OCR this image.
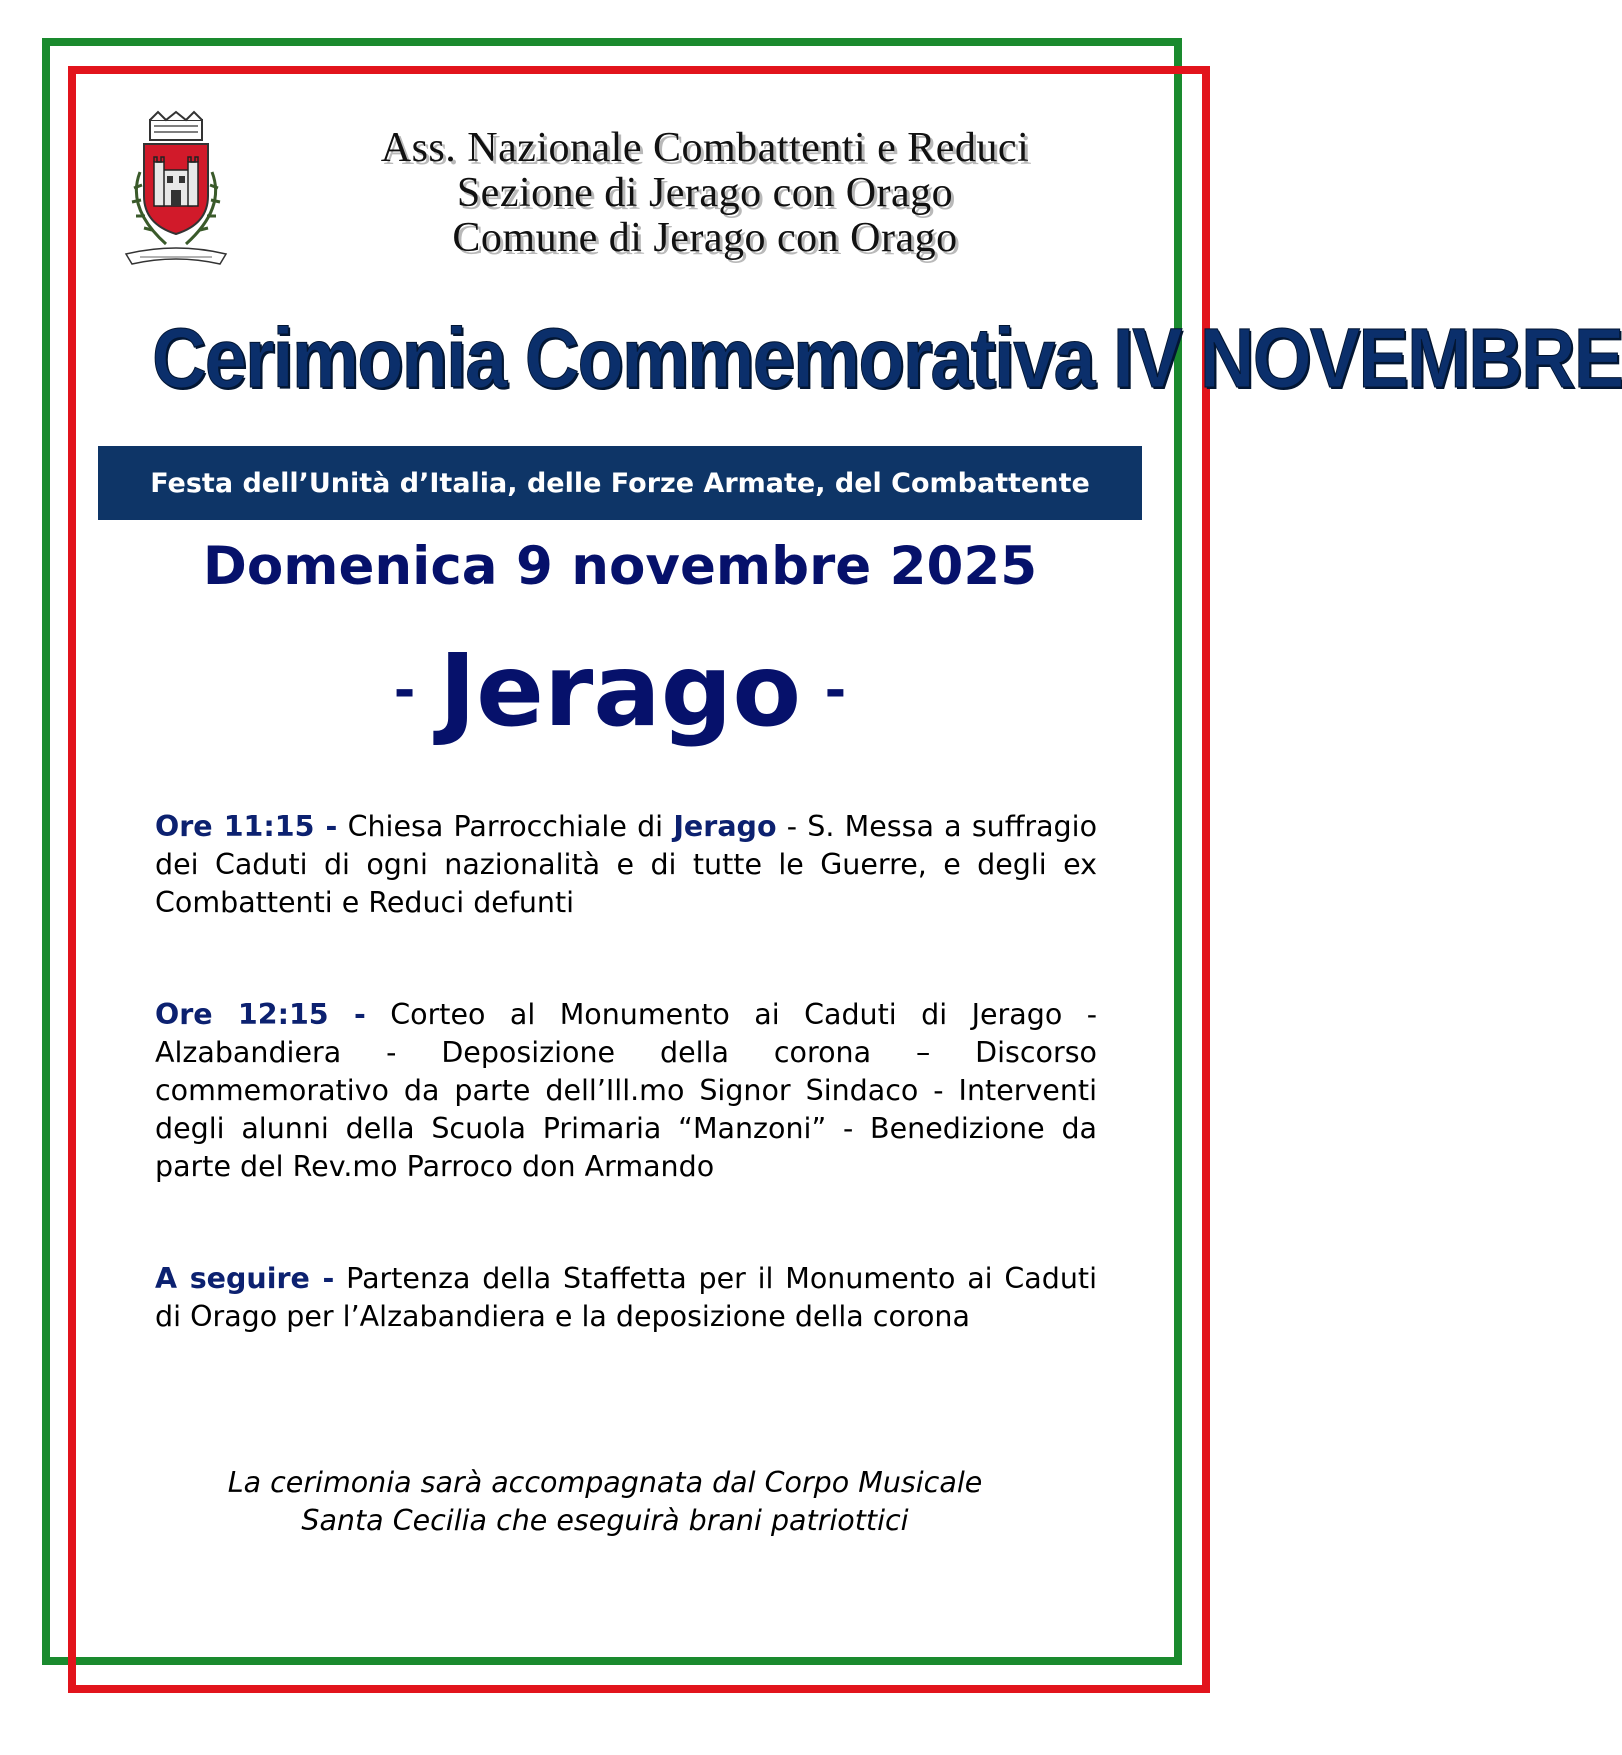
Ass. Nazionale Combattenti e Reduci
Sezione di Jerago con Orago
Comune di Jerago con Orago
Cerimonia Commemorativa IV NOVEMBRE
Festa dell’Unità d’Italia, delle Forze Armate, del Combattente
Domenica 9 novembre 2025
- Jerago -

Ore 11:15 - Chiesa Parrocchiale di Jerago - S. Messa a suffragio dei Caduti di ogni nazionalità e di tutte le Guerre, e degli ex Combattenti e Reduci defunti

Ore 12:15 - Corteo al Monumento ai Caduti di Jerago - Alzabandiera - Deposizione della corona – Discorso commemorativo da parte dell’Ill.mo Signor Sindaco - Interventi degli alunni della Scuola Primaria “Manzoni” - Benedizione da parte del Rev.mo Parroco don Armando

A seguire - Partenza della Staffetta per il Monumento ai Caduti di Orago per l’Alzabandiera e la deposizione della corona

La cerimonia sarà accompagnata dal Corpo Musicale
Santa Cecilia che eseguirà brani patriottici
